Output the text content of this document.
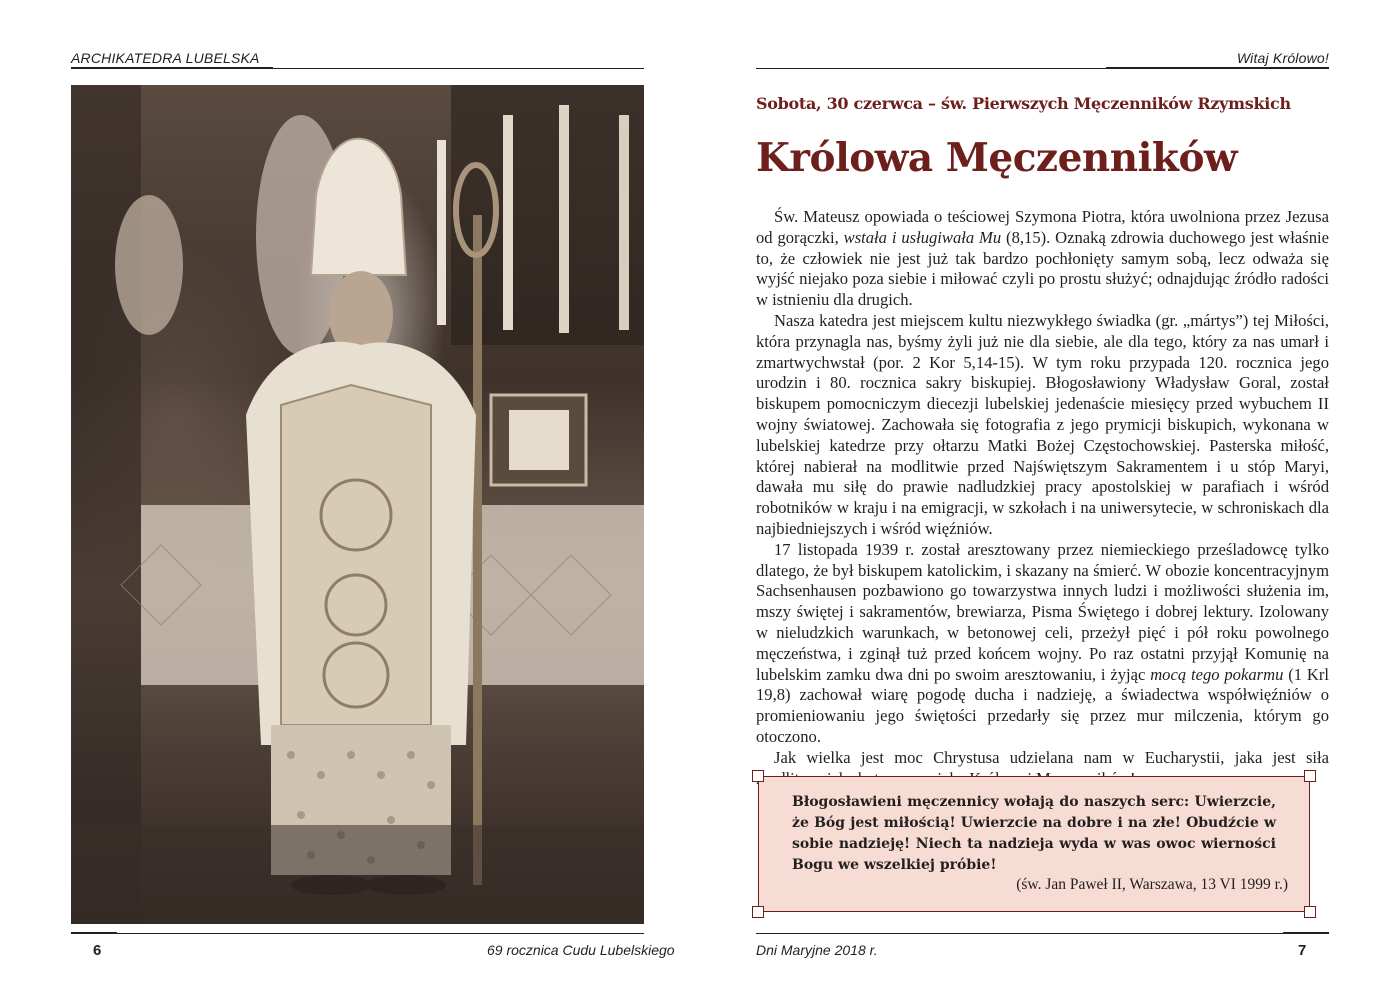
ARCHIKATEDRA LUBELSKA
6	69 rocznica Cudu Lubelskiego
Witaj Królowo!
Sobota, 30 czerwca – św. Pierwszych Męczenników Rzymskich
Królowa Męczenników

Św. Mateusz opowiada o teściowej Szymona Piotra, która uwolniona przez Jezusa od gorączki, wstała i usługiwała Mu (8,15). Oznaką zdrowia duchowego jest właśnie to, że człowiek nie jest już tak bardzo pochłonięty samym sobą, lecz odważa się wyjść niejako poza siebie i miłować czyli po prostu służyć; odnajdując źródło radości w istnieniu dla drugich.

Nasza katedra jest miejscem kultu niezwykłego świadka (gr. „mártys”) tej Miłości, która przynagla nas, byśmy żyli już nie dla siebie, ale dla tego, który za nas umarł i zmartwychwstał (por. 2 Kor 5,14-15). W tym roku przypada 120. rocznica jego urodzin i 80. rocznica sakry biskupiej. Błogosławiony Władysław Goral, został biskupem pomocniczym diecezji lubelskiej jedenaście miesięcy przed wybuchem II wojny światowej. Zachowała się fotografia z jego prymicji biskupich, wykonana w lubelskiej katedrze przy ołtarzu Matki Bożej Częstochowskiej. Pasterska miłość, której nabierał na modlitwie przed Najświętszym Sakramentem i u stóp Maryi, dawała mu siłę do prawie nadludzkiej pracy apostolskiej w parafiach i wśród robotników w kraju i na emigracji, w szkołach i na uniwersytecie, w schroniskach dla najbiedniejszych i wśród więźniów.

17 listopada 1939 r. został aresztowany przez niemieckiego prześladowcę tylko dlatego, że był biskupem katolickim, i skazany na śmierć. W obozie koncentracyjnym Sachsenhausen pozbawiono go towarzystwa innych ludzi i możliwości służenia im, mszy świętej i sakramentów, brewiarza, Pisma Świętego i dobrej lektury. Izolowany w nieludzkich warunkach, w betonowej celi, przeżył pięć i pół roku powolnego męczeństwa, i zginął tuż przed końcem wojny. Po raz ostatni przyjął Komunię na lubelskim zamku dwa dni po swoim aresztowaniu, i żyjąc mocą tego pokarmu (1 Krl 19,8) zachował wiarę pogodę ducha i nadzieję, a świadectwa współwięźniów o promieniowaniu jego świętości przedarły się przez mur milczenia, którym go otoczono.

Jak wielka jest moc Chrystusa udzielana nam w Eucharystii, jaka jest siła

Błogosławieni męczennicy wołają do naszych serc: Uwierzcie, że Bóg jest miłością! Uwierzcie na dobre i na złe! Obudźcie w sobie nadzieję! Niech ta nadzieja wyda w was owoc wierności Bogu we wszelkiej próbie!
(św. Jan Paweł II, Warszawa, 13 VI 1999 r.)
Dni Maryjne 2018 r.	7
